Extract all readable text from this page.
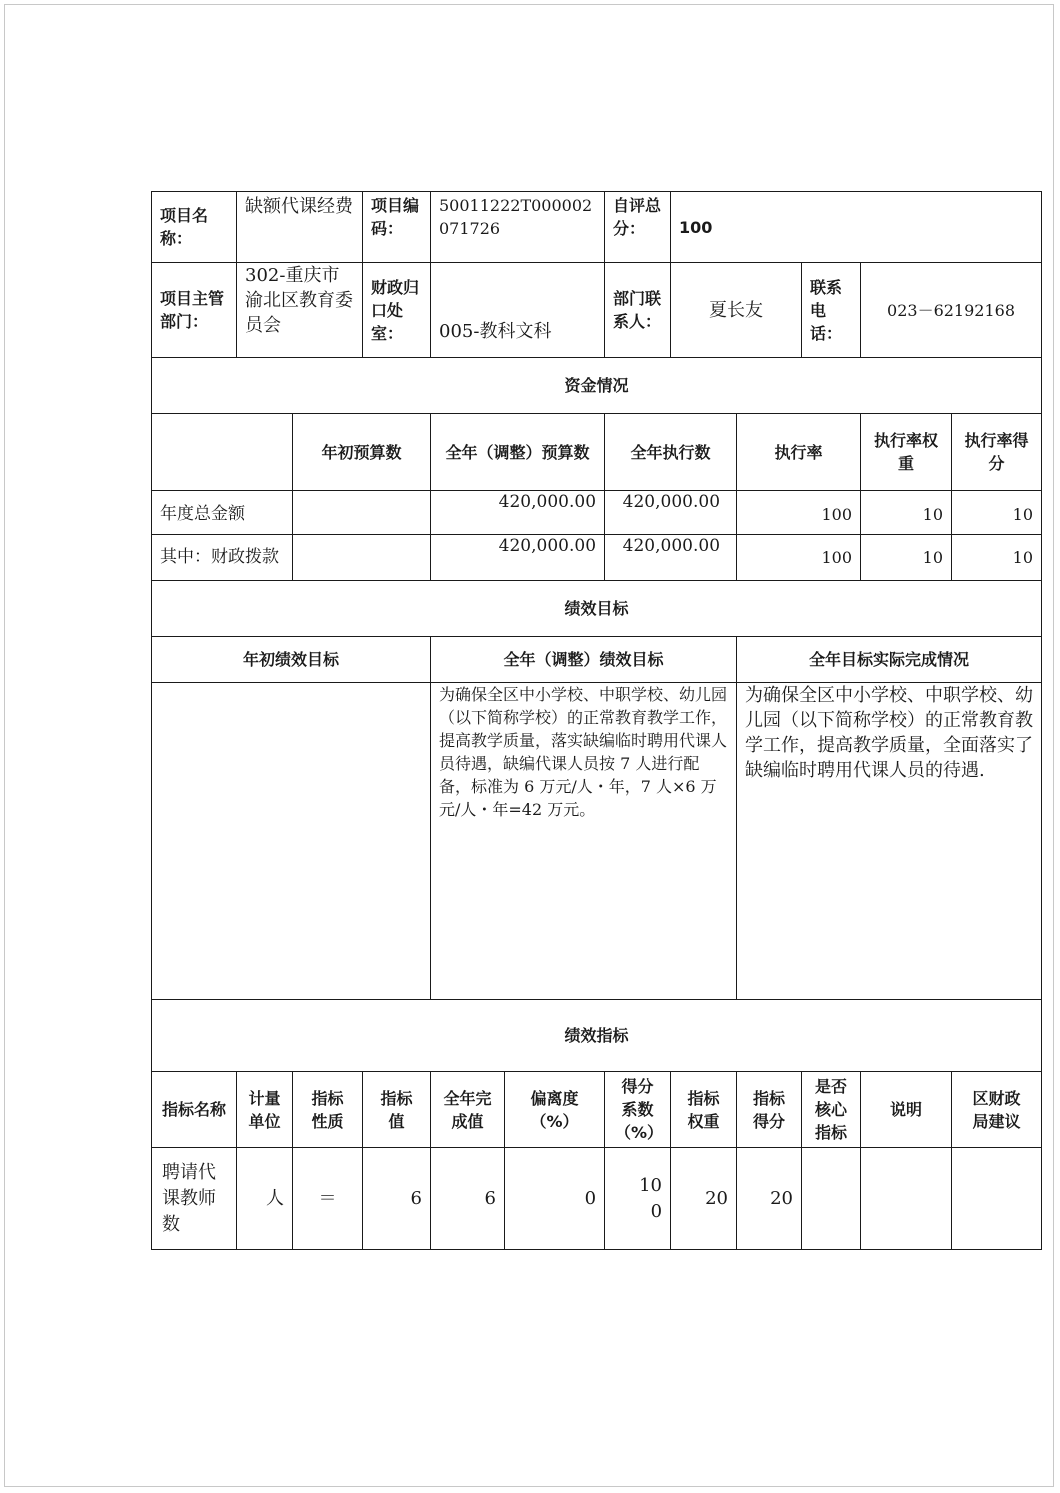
项目名称：	缺额代课经费		项目编码：	50011222T000002071726		自评总分：	100				
项目主管部门：	302-重庆市渝北区教育委员会		财政归口处室：	005-教科文科		部门联系人：	夏长友		联系电话：	023－62192168	
资金情况											
		年初预算数		全年（调整）预算数		全年执行数		执行率		执行率权重	执行率得分
年度总金额				420,000.00		420,000.00		100		10	10
其中：财政拨款				420,000.00		420,000.00		100		10	10
绩效目标											
年初绩效目标				全年（调整）绩效目标				全年目标实际完成情况			
				为确保全区中小学校、中职学校、幼儿园（以下简称学校）的正常教育教学工作，提高教学质量，落实缺编临时聘用代课人员待遇，缺编代课人员按 7 人进行配备，标准为 6 万元/人・年，7 人×6 万元/人・年=42 万元。				为确保全区中小学校、中职学校、幼儿园（以下简称学校）的正常教育教学工作，提高教学质量，全面落实了缺编临时聘用代课人员的待遇.			
绩效指标											
指标名称	计量单位	指标性质	指标值	全年完成值	偏离度（%）	得分系数（%）	指标权重	指标得分	是否核心指标	说明	区财政局建议
聘请代课教师数	人	＝	6	6	0	100	20	20			
